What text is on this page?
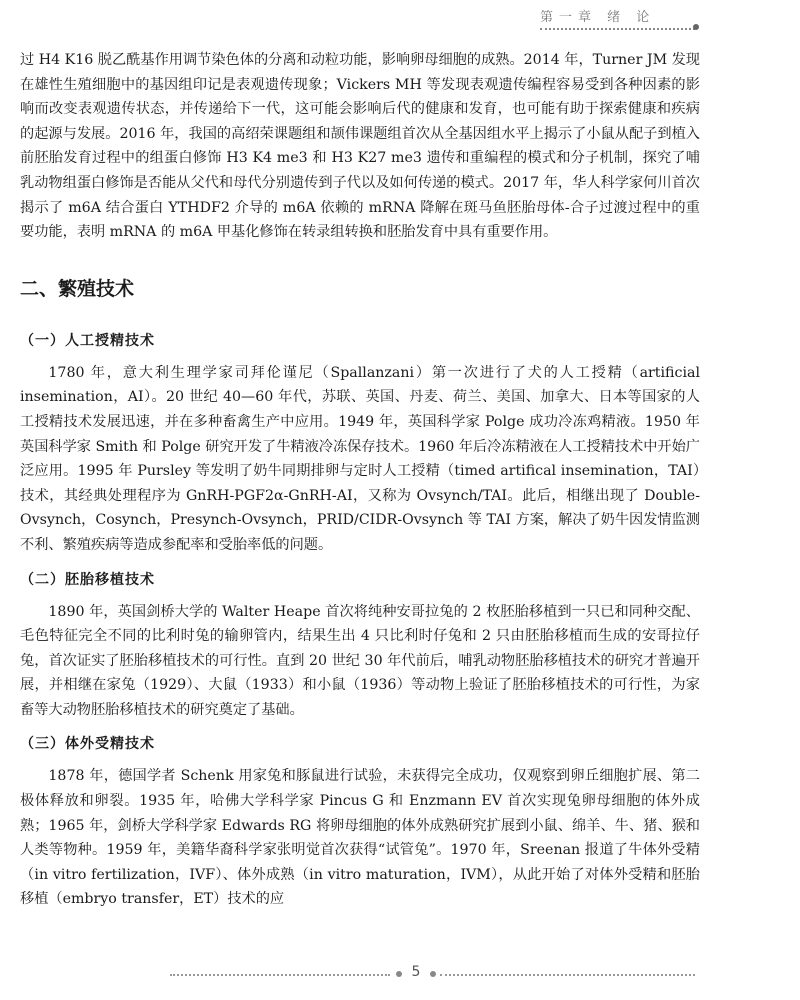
第一章 绪 论

过 H4 K16 脱乙酰基作用调节染色体的分离和动粒功能，影响卵母细胞的成熟。2014 年，Turner JM 发现在雄性生殖细胞中的基因组印记是表观遗传现象；Vickers MH 等发现表观遗传编程容易受到各种因素的影响而改变表观遗传状态，并传递给下一代，这可能会影响后代的健康和发育，也可能有助于探索健康和疾病的起源与发展。2016 年，我国的高绍荣课题组和颉伟课题组首次从全基因组水平上揭示了小鼠从配子到植入前胚胎发育过程中的组蛋白修饰 H3 K4 me3 和 H3 K27 me3 遗传和重编程的模式和分子机制，探究了哺乳动物组蛋白修饰是否能从父代和母代分别遗传到子代以及如何传递的模式。2017 年，华人科学家何川首次揭示了 m6A 结合蛋白 YTHDF2 介导的 m6A 依赖的 mRNA 降解在斑马鱼胚胎母体-合子过渡过程中的重要功能，表明 mRNA 的 m6A 甲基化修饰在转录组转换和胚胎发育中具有重要作用。

二、繁殖技术
（一）人工授精技术

1780 年，意大利生理学家司拜伦谨尼（Spallanzani）第一次进行了犬的人工授精（artificial insemination，AI）。20 世纪 40—60 年代，苏联、英国、丹麦、荷兰、美国、加拿大、日本等国家的人工授精技术发展迅速，并在多种畜禽生产中应用。1949 年，英国科学家 Polge 成功冷冻鸡精液。1950 年英国科学家 Smith 和 Polge 研究开发了牛精液冷冻保存技术。1960 年后冷冻精液在人工授精技术中开始广泛应用。1995 年 Pursley 等发明了奶牛同期排卵与定时人工授精（timed artifical insemination，TAI）技术，其经典处理程序为 GnRH-PGF2α-GnRH-AI，又称为 Ovsynch/TAI。此后，相继出现了 Double-Ovsynch，Cosynch，Presynch-Ovsynch，PRID/CIDR-Ovsynch 等 TAI 方案，解决了奶牛因发情监测不利、繁殖疾病等造成参配率和受胎率低的问题。

（二）胚胎移植技术

1890 年，英国剑桥大学的 Walter Heape 首次将纯种安哥拉兔的 2 枚胚胎移植到一只已和同种交配、毛色特征完全不同的比利时兔的输卵管内，结果生出 4 只比利时仔兔和 2 只由胚胎移植而生成的安哥拉仔兔，首次证实了胚胎移植技术的可行性。直到 20 世纪 30 年代前后，哺乳动物胚胎移植技术的研究才普遍开展，并相继在家兔（1929）、大鼠（1933）和小鼠（1936）等动物上验证了胚胎移植技术的可行性，为家畜等大动物胚胎移植技术的研究奠定了基础。

（三）体外受精技术

1878 年，德国学者 Schenk 用家兔和豚鼠进行试验，未获得完全成功，仅观察到卵丘细胞扩展、第二极体释放和卵裂。1935 年，哈佛大学科学家 Pincus G 和 Enzmann EV 首次实现兔卵母细胞的体外成熟；1965 年，剑桥大学科学家 Edwards RG 将卵母细胞的体外成熟研究扩展到小鼠、绵羊、牛、猪、猴和人类等物种。1959 年，美籍华裔科学家张明觉首次获得“试管兔”。1970 年，Sreenan 报道了牛体外受精（in vitro fertilization，IVF）、体外成熟（in vitro maturation，IVM），从此开始了对体外受精和胚胎移植（embryo transfer，ET）技术的应

5
